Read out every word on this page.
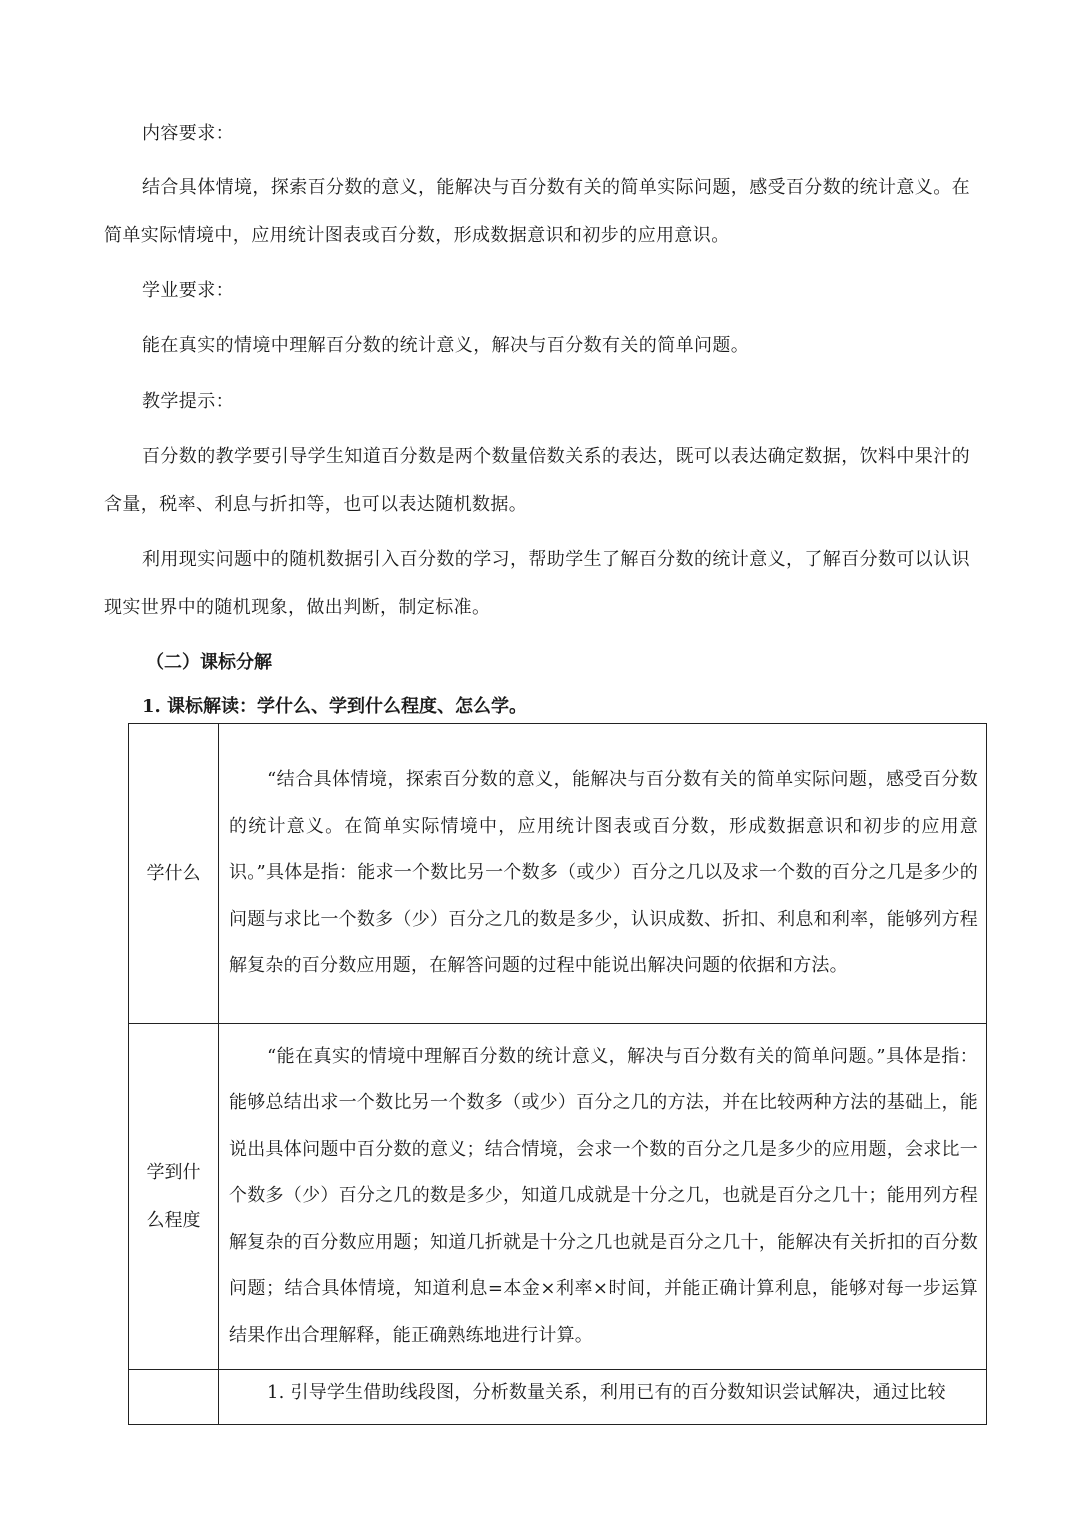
内容要求：

结合具体情境，探索百分数的意义，能解决与百分数有关的简单实际问题，感受百分数的统计意义。在简单实际情境中，应用统计图表或百分数，形成数据意识和初步的应用意识。

学业要求：

能在真实的情境中理解百分数的统计意义，解决与百分数有关的简单问题。

教学提示：

百分数的教学要引导学生知道百分数是两个数量倍数关系的表达，既可以表达确定数据，饮料中果汁的含量，税率、利息与折扣等，也可以表达随机数据。

利用现实问题中的随机数据引入百分数的学习，帮助学生了解百分数的统计意义，了解百分数可以认识现实世界中的随机现象，做出判断，制定标准。

（二）课标分解

1. 课标解读：学什么、学到什么程度、怎么学。

学什么	“结合具体情境，探索百分数的意义，能解决与百分数有关的简单实际问题，感受百分数的统计意义。在简单实际情境中，应用统计图表或百分数，形成数据意识和初步的应用意识。”具体是指：能求一个数比另一个数多（或少）百分之几以及求一个数的百分之几是多少的问题与求比一个数多（少）百分之几的数是多少，认识成数、折扣、利息和利率，能够列方程解复杂的百分数应用题，在解答问题的过程中能说出解决问题的依据和方法。
学到什么程度	“能在真实的情境中理解百分数的统计意义，解决与百分数有关的简单问题。”具体是指：能够总结出求一个数比另一个数多（或少）百分之几的方法，并在比较两种方法的基础上，能说出具体问题中百分数的意义；结合情境，会求一个数的百分之几是多少的应用题，会求比一个数多（少）百分之几的数是多少，知道几成就是十分之几，也就是百分之几十；能用列方程解复杂的百分数应用题；知道几折就是十分之几也就是百分之几十，能解决有关折扣的百分数问题；结合具体情境，知道利息=本金×利率×时间，并能正确计算利息，能够对每一步运算结果作出合理解释，能正确熟练地进行计算。
	1. 引导学生借助线段图，分析数量关系，利用已有的百分数知识尝试解决，通过比较
